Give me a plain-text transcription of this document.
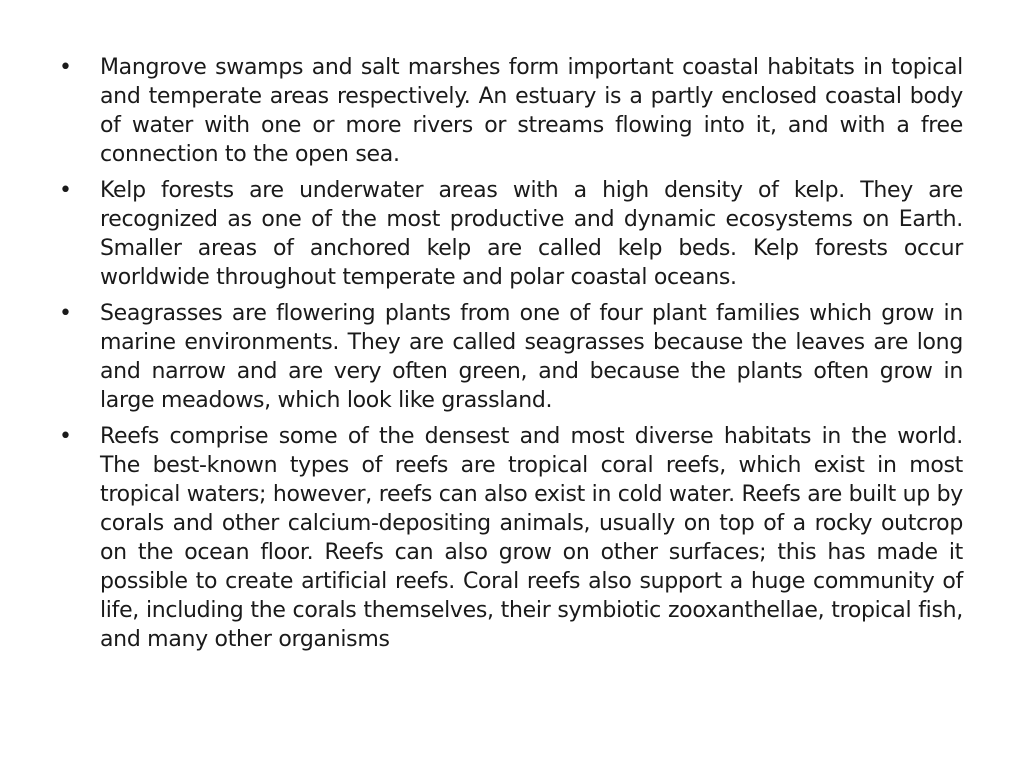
•	Mangrove swamps and salt marshes form important coastal habitats in topical and temperate areas respectively. An estuary is a partly enclosed coastal body of water with one or more rivers or streams flowing into it, and with a free connection to the open sea.
•	Kelp forests are underwater areas with a high density of kelp. They are recognized as one of the most productive and dynamic ecosystems on Earth. Smaller areas of anchored kelp are called kelp beds. Kelp forests occur worldwide throughout temperate and polar coastal oceans.
•	Seagrasses are flowering plants from one of four plant families which grow in marine environments. They are called seagrasses because the leaves are long and narrow and are very often green, and because the plants often grow in large meadows, which look like grassland.
•	Reefs comprise some of the densest and most diverse habitats in the world. The best-known types of reefs are tropical coral reefs, which exist in most tropical waters; however, reefs can also exist in cold water. Reefs are built up by corals and other calcium-depositing animals, usually on top of a rocky outcrop on the ocean floor. Reefs can also grow on other surfaces; this has made it possible to create artificial reefs. Coral reefs also support a huge community of life, including the corals themselves, their symbiotic zooxanthellae, tropical fish, and many other organisms
